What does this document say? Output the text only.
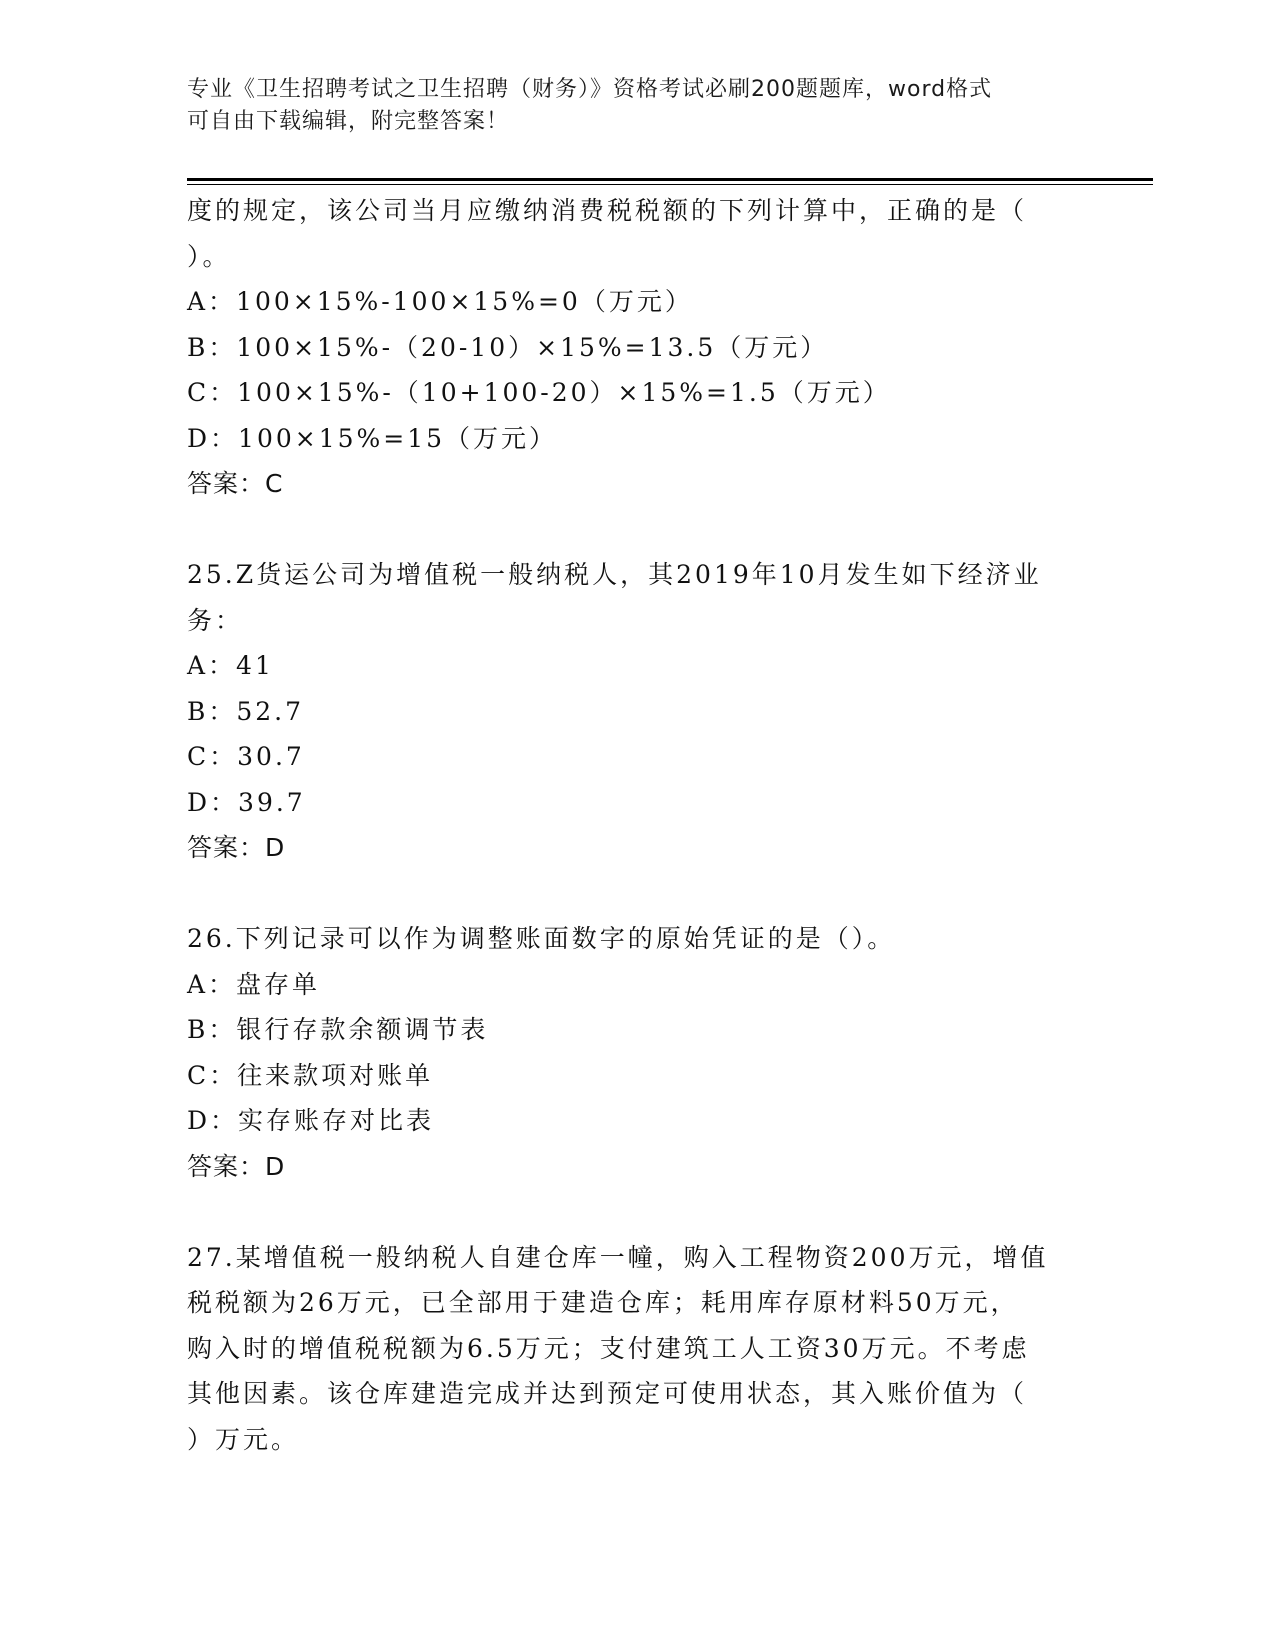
专业《卫生招聘考试之卫生招聘（财务）》资格考试必刷200题题库，word格式
可自由下载编辑，附完整答案！
度的规定，该公司当月应缴纳消费税税额的下列计算中，正确的是（
）。
A：100×15%-100×15%=0（万元）
B：100×15%-（20-10）×15%=13.5（万元）
C：100×15%-（10+100-20）×15%=1.5（万元）
D：100×15%=15（万元）
答案：C
25.Z货运公司为增值税一般纳税人，其2019年10月发生如下经济业
务：
A：41
B：52.7
C：30.7
D：39.7
答案：D
26.下列记录可以作为调整账面数字的原始凭证的是（）。
A：盘存单
B：银行存款余额调节表
C：往来款项对账单
D：实存账存对比表
答案：D
27.某增值税一般纳税人自建仓库一幢，购入工程物资200万元，增值
税税额为26万元，已全部用于建造仓库；耗用库存原材料50万元，
购入时的增值税税额为6.5万元；支付建筑工人工资30万元。不考虑
其他因素。该仓库建造完成并达到预定可使用状态，其入账价值为（
）万元。
